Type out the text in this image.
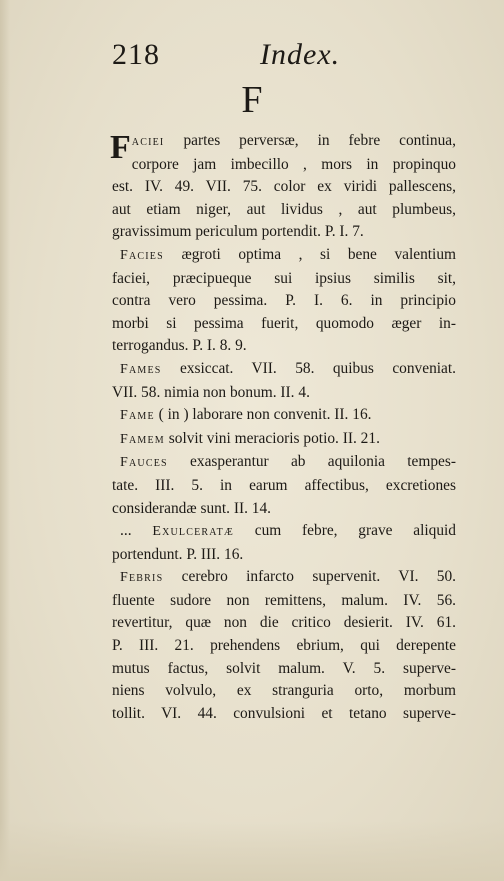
218	Index.
F
Faciei partes perversæ, in febre continua,
corpore jam imbecillo , mors in propinquo
est. IV. 49. VII. 75. color ex viridi pallescens,
aut etiam niger, aut lividus , aut plumbeus,
gravissimum periculum portendit. P. I. 7.
Facies ægroti optima , si bene valentium
faciei, præcipueque sui ipsius similis sit,
contra vero pessima. P. I. 6. in principio
morbi si pessima fuerit, quomodo æger in-
terrogandus. P. I. 8. 9.
Fames exsiccat. VII. 58. quibus conveniat.
VII. 58. nimia non bonum. II. 4.
Fame ( in ) laborare non convenit. II. 16.
Famem solvit vini meracioris potio. II. 21.
Fauces exasperantur ab aquilonia tempes-
tate. III. 5. in earum affectibus, excretiones
considerandæ sunt. II. 14.
... Exulceratæ cum febre, grave aliquid
portendunt. P. III. 16.
Febris cerebro infarcto supervenit. VI. 50.
fluente sudore non remittens, malum. IV. 56.
revertitur, quæ non die critico desierit. IV. 61.
P. III. 21. prehendens ebrium, qui derepente
mutus factus, solvit malum. V. 5. superve-
niens volvulo, ex stranguria orto, morbum
tollit. VI. 44. convulsioni et tetano superve-
